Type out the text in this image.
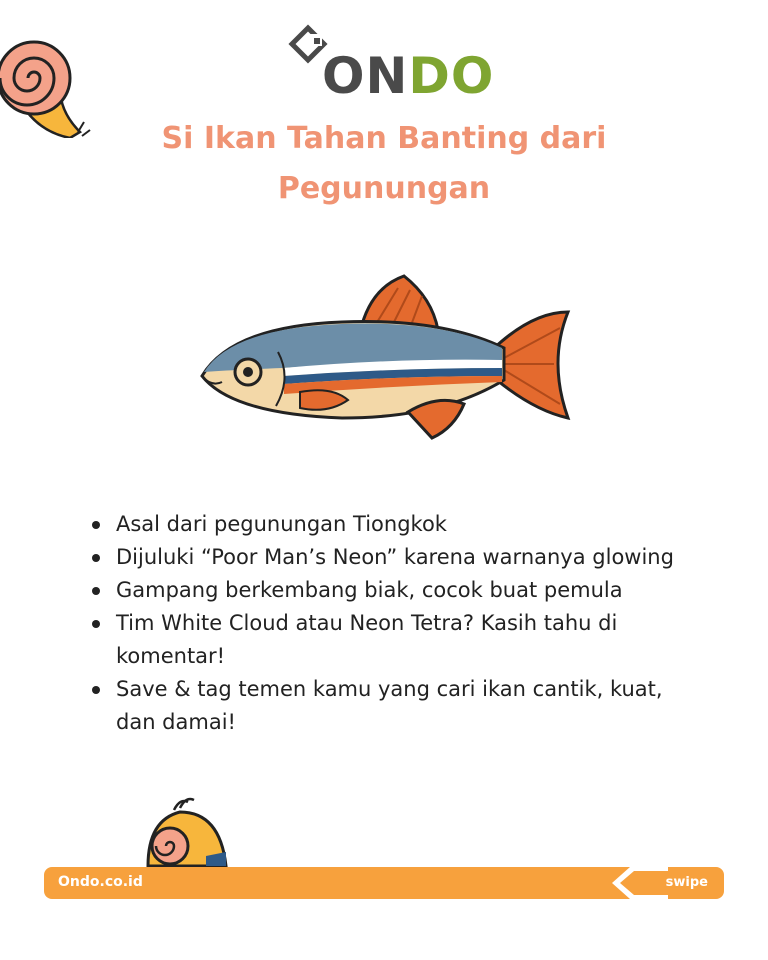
ONDO
Si Ikan Tahan Banting dari Pegunungan
Asal dari pegunungan Tiongkok
Dijuluki “Poor Man’s Neon” karena warnanya glowing
Gampang berkembang biak, cocok buat pemula
Tim White Cloud atau Neon Tetra? Kasih tahu di komentar!
Save & tag temen kamu yang cari ikan cantik, kuat, dan damai!
Ondo.co.id	swipe
